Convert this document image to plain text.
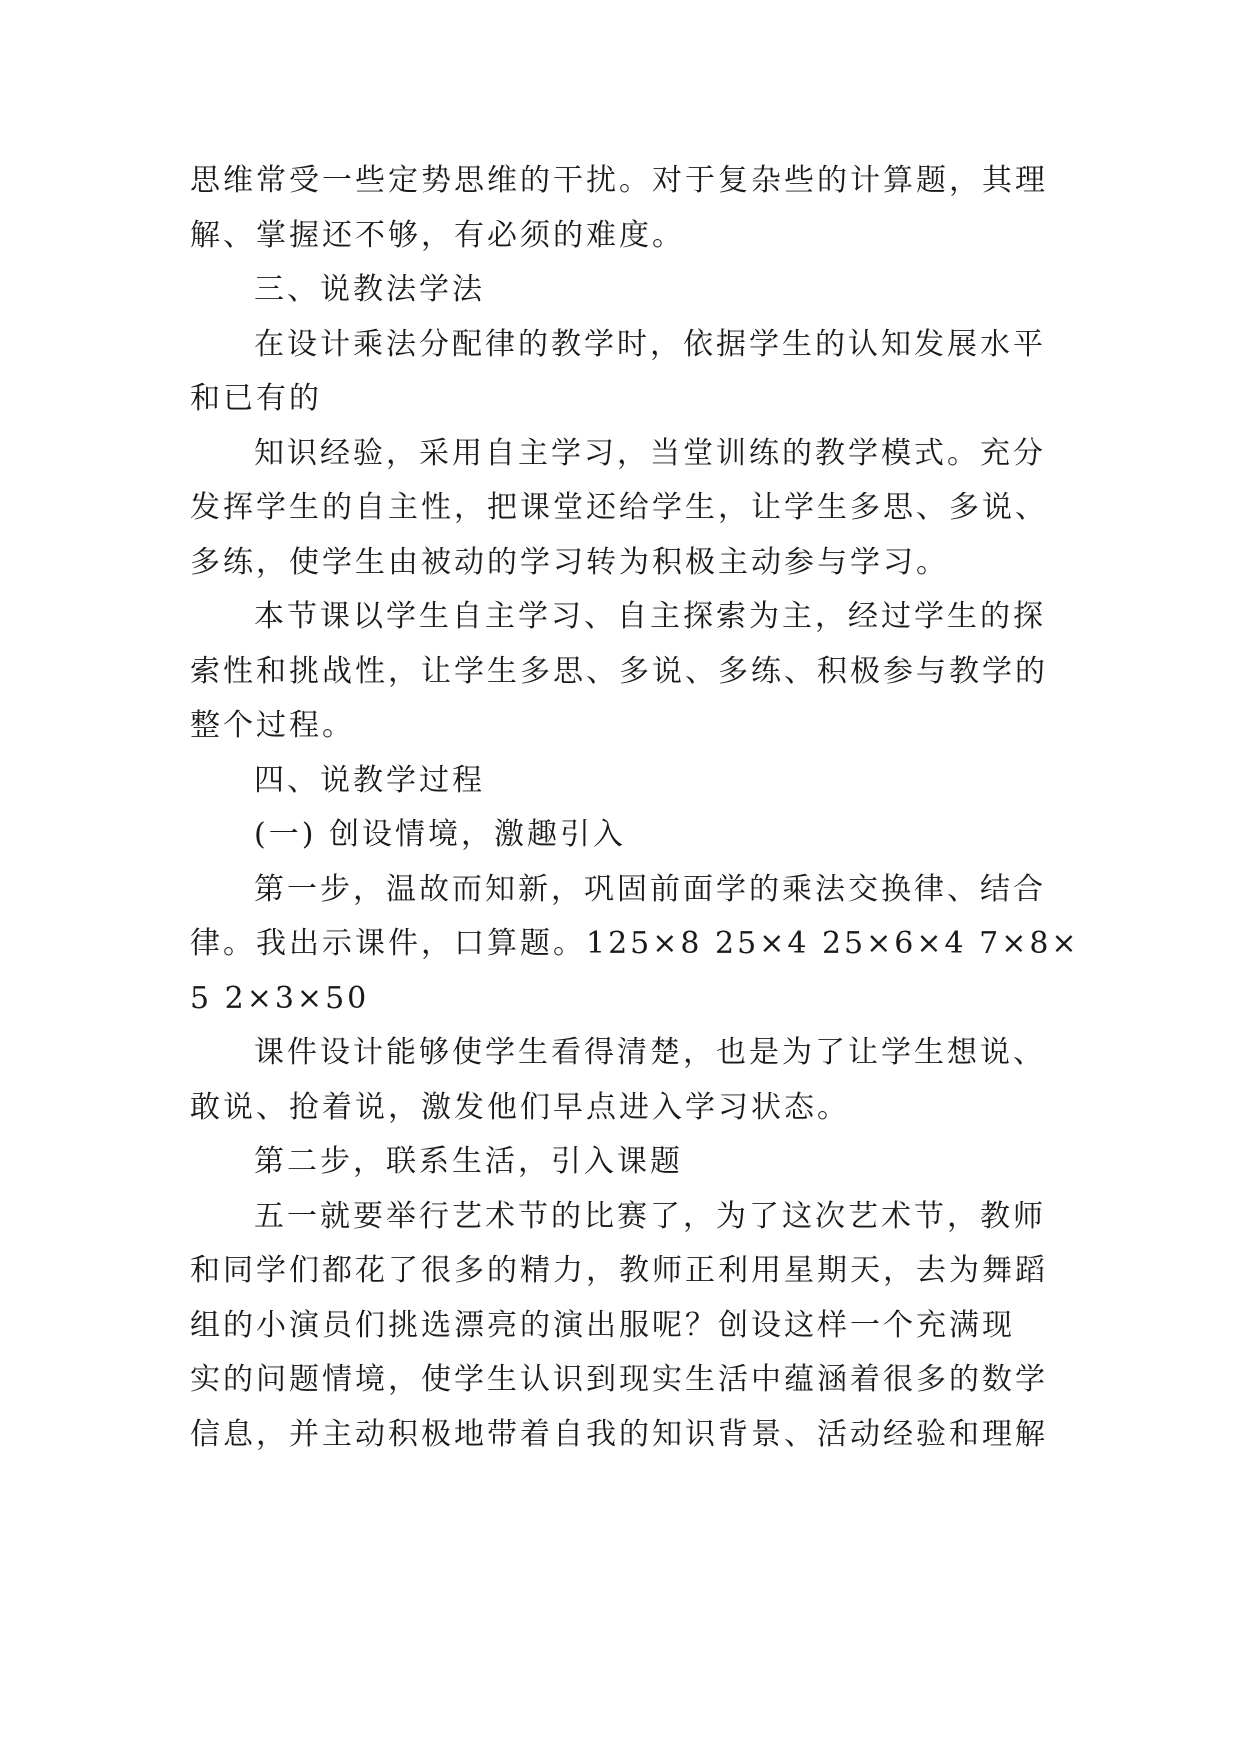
思维常受一些定势思维的干扰。对于复杂些的计算题，其理
解、掌握还不够，有必须的难度。
三、说教法学法
在设计乘法分配律的教学时，依据学生的认知发展水平
和已有的
知识经验，采用自主学习，当堂训练的教学模式。充分
发挥学生的自主性，把课堂还给学生，让学生多思、多说、
多练，使学生由被动的学习转为积极主动参与学习。
本节课以学生自主学习、自主探索为主，经过学生的探
索性和挑战性，让学生多思、多说、多练、积极参与教学的
整个过程。
四、说教学过程
(一) 创设情境，激趣引入
第一步，温故而知新，巩固前面学的乘法交换律、结合
律。我出示课件，口算题。125×8 25×4 25×6×4 7×8×
5 2×3×50
课件设计能够使学生看得清楚，也是为了让学生想说、
敢说、抢着说，激发他们早点进入学习状态。
第二步，联系生活，引入课题
五一就要举行艺术节的比赛了，为了这次艺术节，教师
和同学们都花了很多的精力，教师正利用星期天，去为舞蹈
组的小演员们挑选漂亮的演出服呢？创设这样一个充满现
实的问题情境，使学生认识到现实生活中蕴涵着很多的数学
信息，并主动积极地带着自我的知识背景、活动经验和理解
